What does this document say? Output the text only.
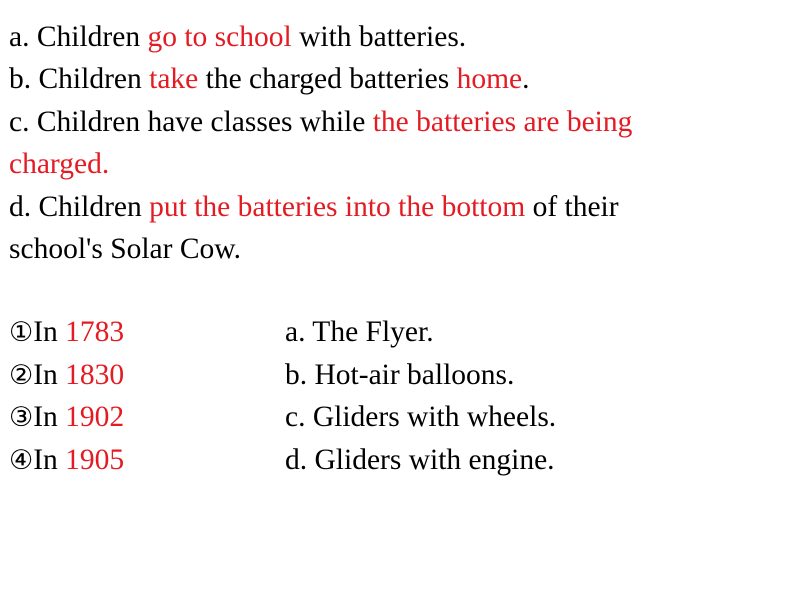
a. Children go to school with batteries.
b. Children take the charged batteries home.
c. Children have classes while the batteries are being
charged.
d. Children put the batteries into the bottom of their
school's Solar Cow.
①In 1783	a. The Flyer.
②In 1830	b. Hot-air balloons.
③In 1902	c. Gliders with wheels.
④In 1905	d. Gliders with engine.
